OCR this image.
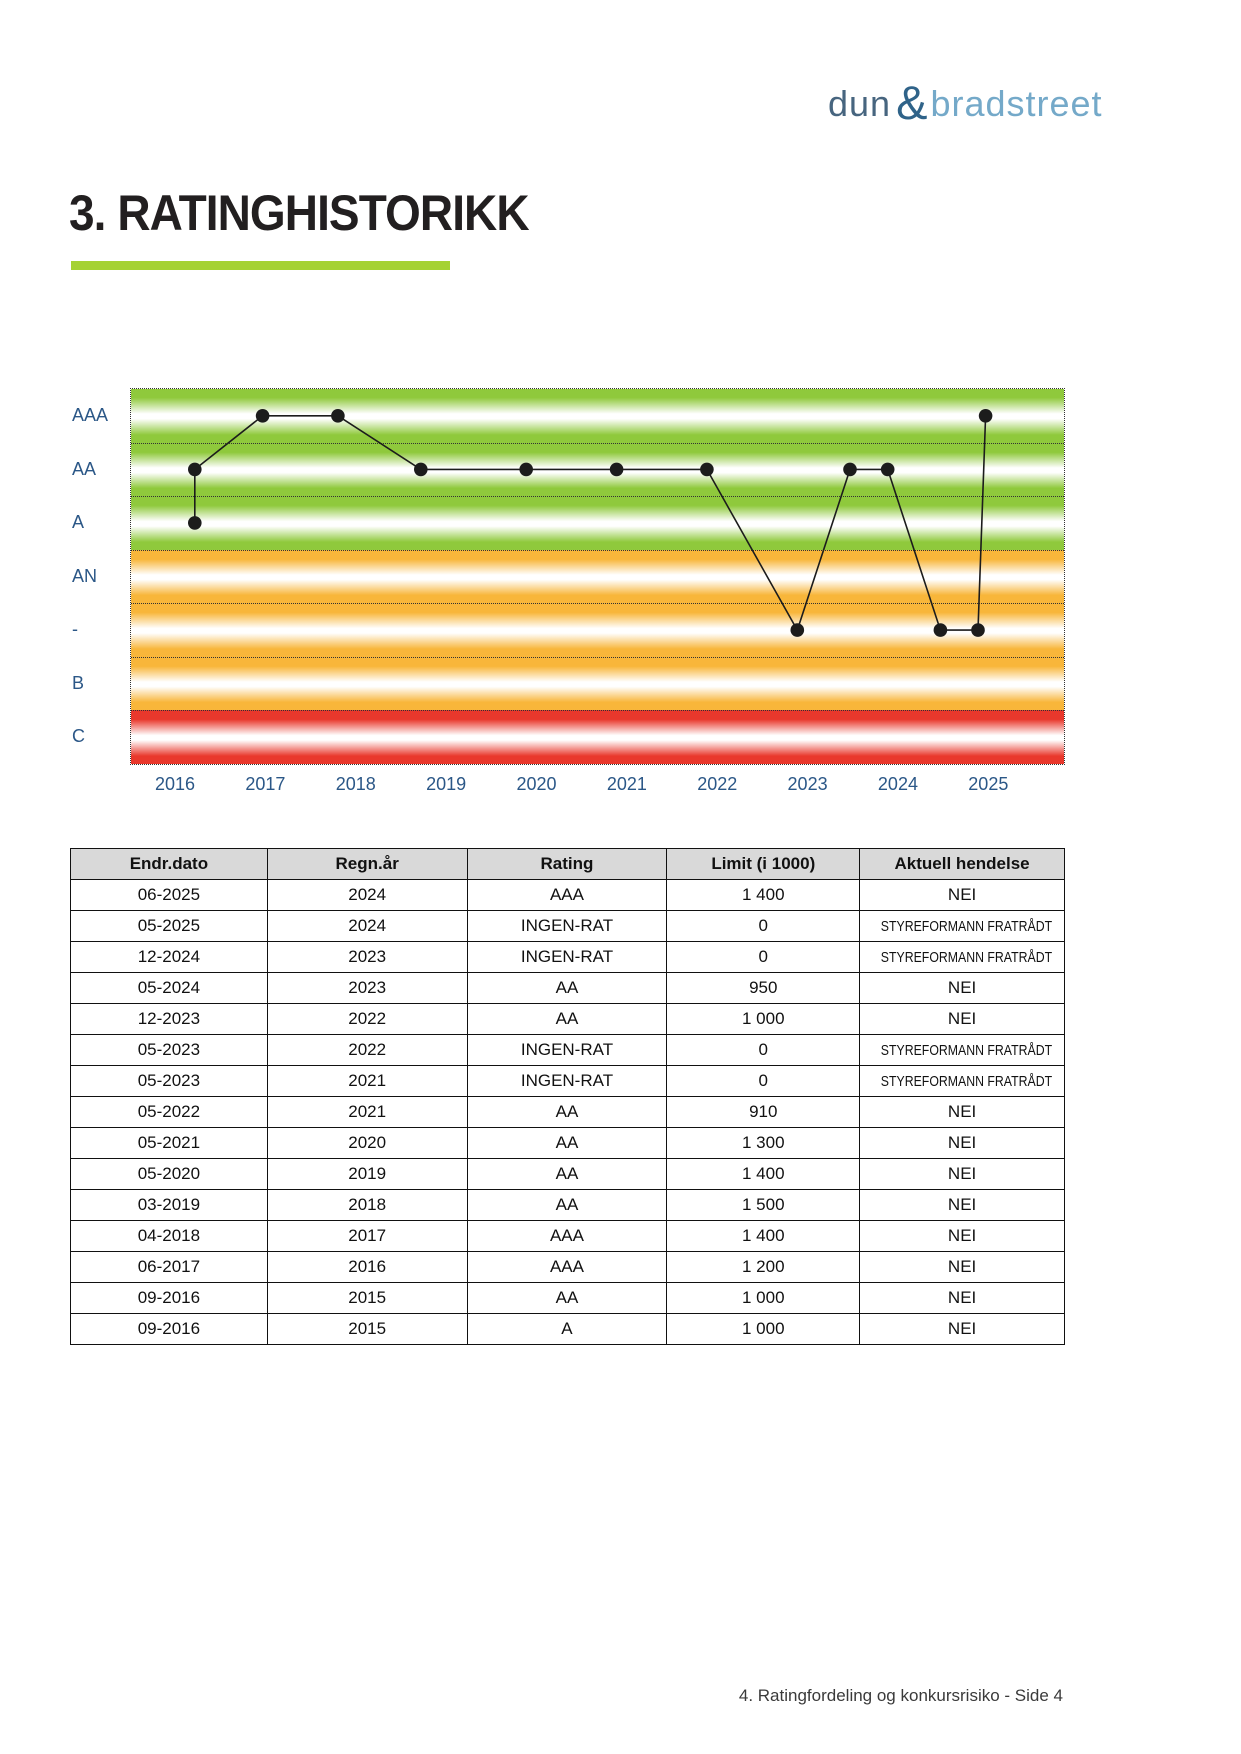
dun & bradstreet
3. RATINGHISTORIKK
AAA
AA
A
AN
-
B
C
2016	2017	2018	2019	2020	2021	2022	2023	2024	2025
Endr.dato	Regn.år	Rating	Limit (i 1000)	Aktuell hendelse
06-2025	2024	AAA	1 400	NEI
05-2025	2024	INGEN-RAT	0	STYREFORMANN FRATRÅDT
12-2024	2023	INGEN-RAT	0	STYREFORMANN FRATRÅDT
05-2024	2023	AA	950	NEI
12-2023	2022	AA	1 000	NEI
05-2023	2022	INGEN-RAT	0	STYREFORMANN FRATRÅDT
05-2023	2021	INGEN-RAT	0	STYREFORMANN FRATRÅDT
05-2022	2021	AA	910	NEI
05-2021	2020	AA	1 300	NEI
05-2020	2019	AA	1 400	NEI
03-2019	2018	AA	1 500	NEI
04-2018	2017	AAA	1 400	NEI
06-2017	2016	AAA	1 200	NEI
09-2016	2015	AA	1 000	NEI
09-2016	2015	A	1 000	NEI
4. Ratingfordeling og konkursrisiko - Side 4
